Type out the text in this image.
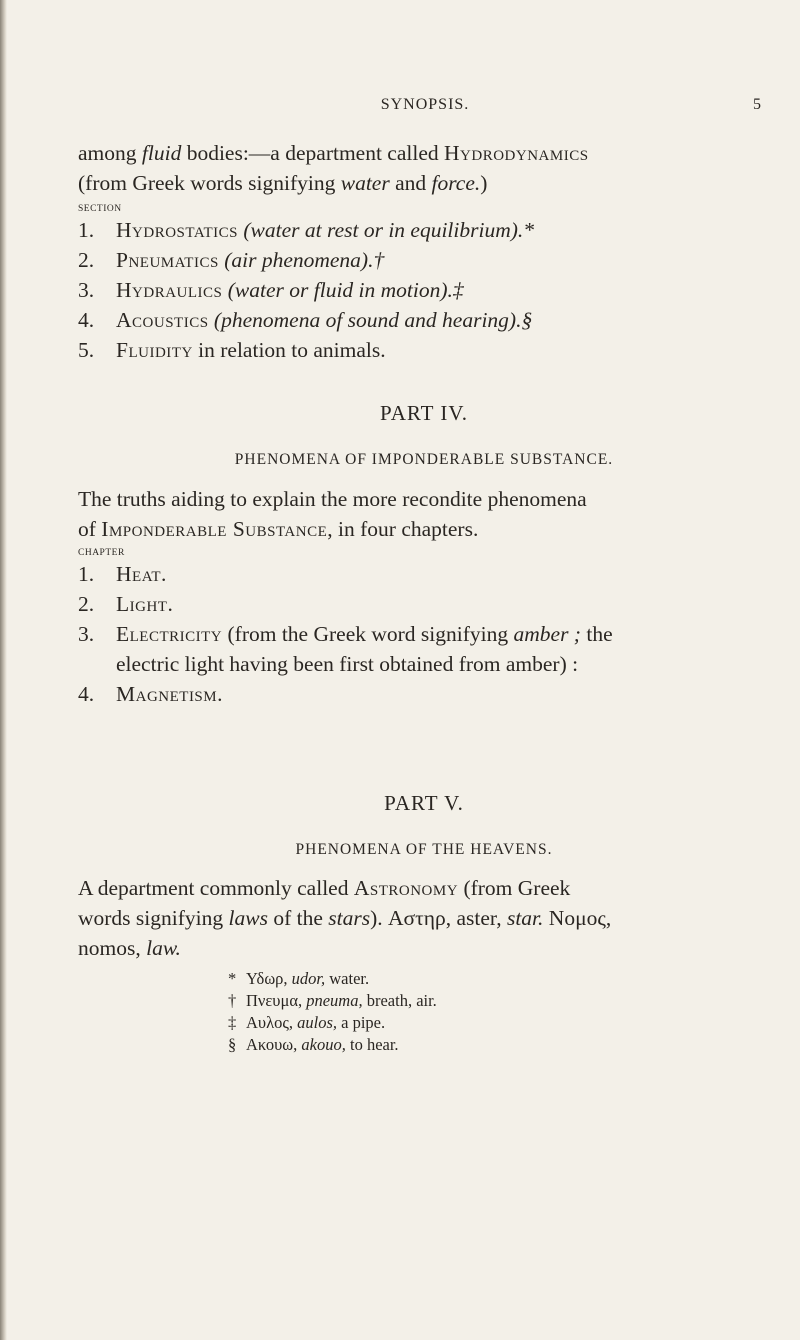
SYNOPSIS.	5

among fluid bodies:—a department called Hydrodynamics

(from Greek words signifying water and force.)

SECTION

1. Hydrostatics (water at rest or in equilibrium).*

2. Pneumatics (air phenomena).†

3. Hydraulics (water or fluid in motion).‡

4. Acoustics (phenomena of sound and hearing).§

5. Fluidity in relation to animals.

PART IV.
PHENOMENA OF IMPONDERABLE SUBSTANCE.

The truths aiding to explain the more recondite phenomena

of Imponderable Substance, in four chapters.

CHAPTER

1. Heat.

2. Light.

3. Electricity (from the Greek word signifying amber ; the
electric light having been first obtained from amber) :

4. Magnetism.

PART V.
PHENOMENA OF THE HEAVENS.

A department commonly called Astronomy (from Greek

words signifying laws of the stars). Αστηρ, aster, star. Νομος,

nomos, law.

* Υδωρ, udor, water.

† Πνευμα, pneuma, breath, air.

‡ Αυλος, aulos, a pipe.

§ Ακουω, akouo, to hear.
